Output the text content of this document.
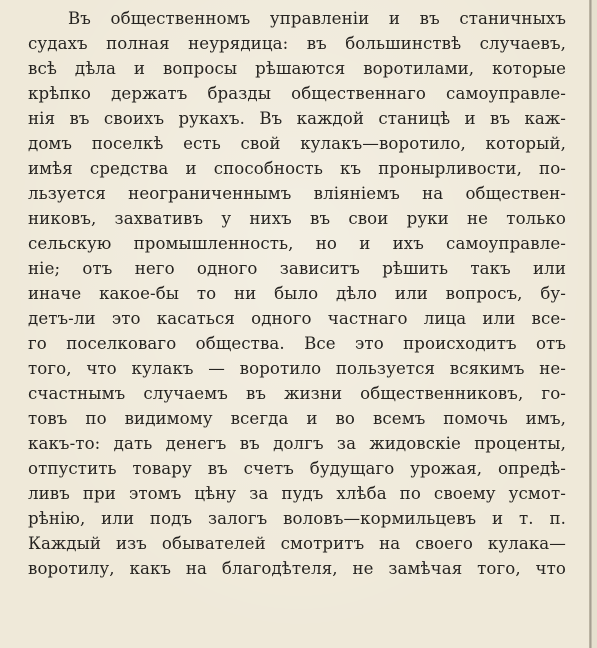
Въ общественномъ управленіи и въ станичныхъ
судахъ полная неурядица: въ большинствѣ случаевъ,
всѣ дѣла и вопросы рѣшаются воротилами, которые
крѣпко держатъ бразды общественнаго самоуправле-
нія въ своихъ рукахъ. Въ каждой станицѣ и въ каж-
домъ поселкѣ есть свой кулакъ—воротило, который,
имѣя средства и способность къ пронырливости, по-
льзуется неограниченнымъ вліяніемъ на обществен-
никовъ, захвативъ у нихъ въ свои руки не только
сельскую промышленность, но и ихъ самоуправле-
ніе; отъ него одного зависитъ рѣшить такъ или
иначе какое-бы то ни было дѣло или вопросъ, бу-
детъ-ли это касаться одного частнаго лица или все-
го поселковаго общества. Все это происходитъ отъ
того, что кулакъ — воротило пользуется всякимъ не-
счастнымъ случаемъ въ жизни общественниковъ, го-
товъ по видимому всегда и во всемъ помочь имъ,
какъ-то: дать денегъ въ долгъ за жидовскіе проценты,
отпустить товару въ счетъ будущаго урожая, опредѣ-
ливъ при этомъ цѣну за пудъ хлѣба по своему усмот-
рѣнію, или подъ залогъ воловъ—кормильцевъ и т. п.
Каждый изъ обывателей смотритъ на своего кулака—
воротилу, какъ на благодѣтеля, не замѣчая того, что
